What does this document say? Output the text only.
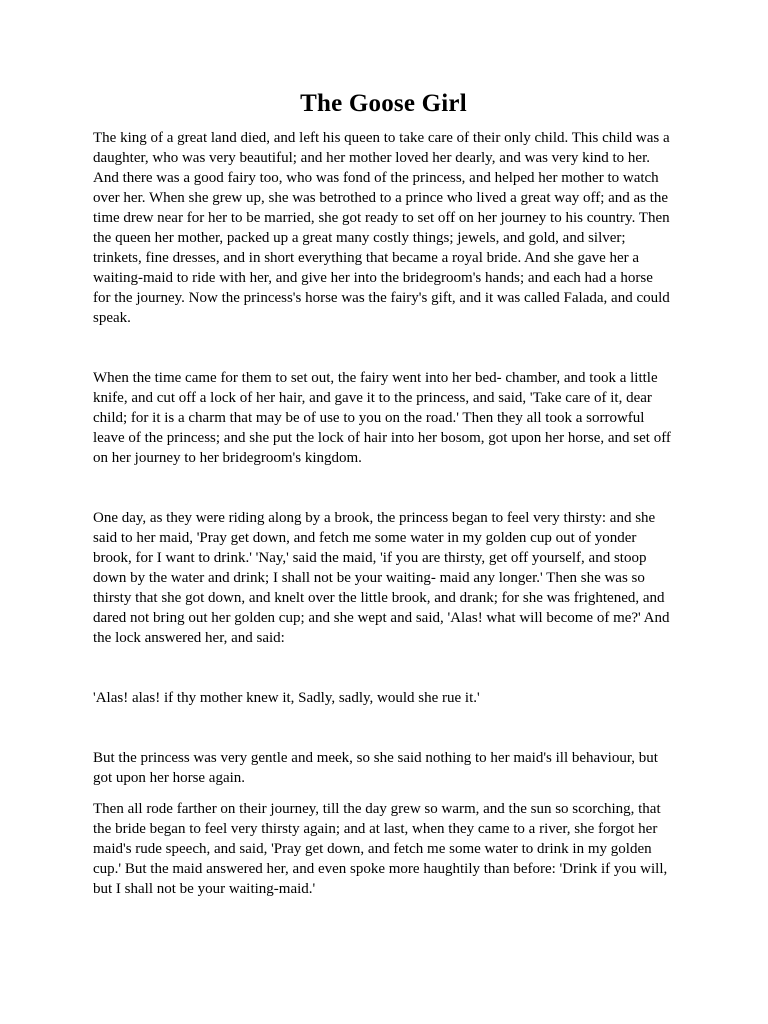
The Goose Girl

The king of a great land died, and left his queen to take care of their only child. This child was a daughter, who was very beautiful; and her mother loved her dearly, and was very kind to her. And there was a good fairy too, who was fond of the princess, and helped her mother to watch over her. When she grew up, she was betrothed to a prince who lived a great way off; and as the time drew near for her to be married, she got ready to set off on her journey to his country. Then the queen her mother, packed up a great many costly things; jewels, and gold, and silver; trinkets, fine dresses, and in short everything that became a royal bride. And she gave her a waiting-maid to ride with her, and give her into the bridegroom's hands; and each had a horse for the journey. Now the princess's horse was the fairy's gift, and it was called Falada, and could speak.

When the time came for them to set out, the fairy went into her bed- chamber, and took a little knife, and cut off a lock of her hair, and gave it to the princess, and said, 'Take care of it, dear child; for it is a charm that may be of use to you on the road.' Then they all took a sorrowful leave of the princess; and she put the lock of hair into her bosom, got upon her horse, and set off on her journey to her bridegroom's kingdom.

One day, as they were riding along by a brook, the princess began to feel very thirsty: and she said to her maid, 'Pray get down, and fetch me some water in my golden cup out of yonder brook, for I want to drink.' 'Nay,' said the maid, 'if you are thirsty, get off yourself, and stoop down by the water and drink; I shall not be your waiting- maid any longer.' Then she was so thirsty that she got down, and knelt over the little brook, and drank; for she was frightened, and dared not bring out her golden cup; and she wept and said, 'Alas! what will become of me?' And the lock answered her, and said:

'Alas! alas! if thy mother knew it, Sadly, sadly, would she rue it.'

But the princess was very gentle and meek, so she said nothing to her maid's ill behaviour, but got upon her horse again.

Then all rode farther on their journey, till the day grew so warm, and the sun so scorching, that the bride began to feel very thirsty again; and at last, when they came to a river, she forgot her maid's rude speech, and said, 'Pray get down, and fetch me some water to drink in my golden cup.' But the maid answered her, and even spoke more haughtily than before: 'Drink if you will, but I shall not be your waiting-maid.'
